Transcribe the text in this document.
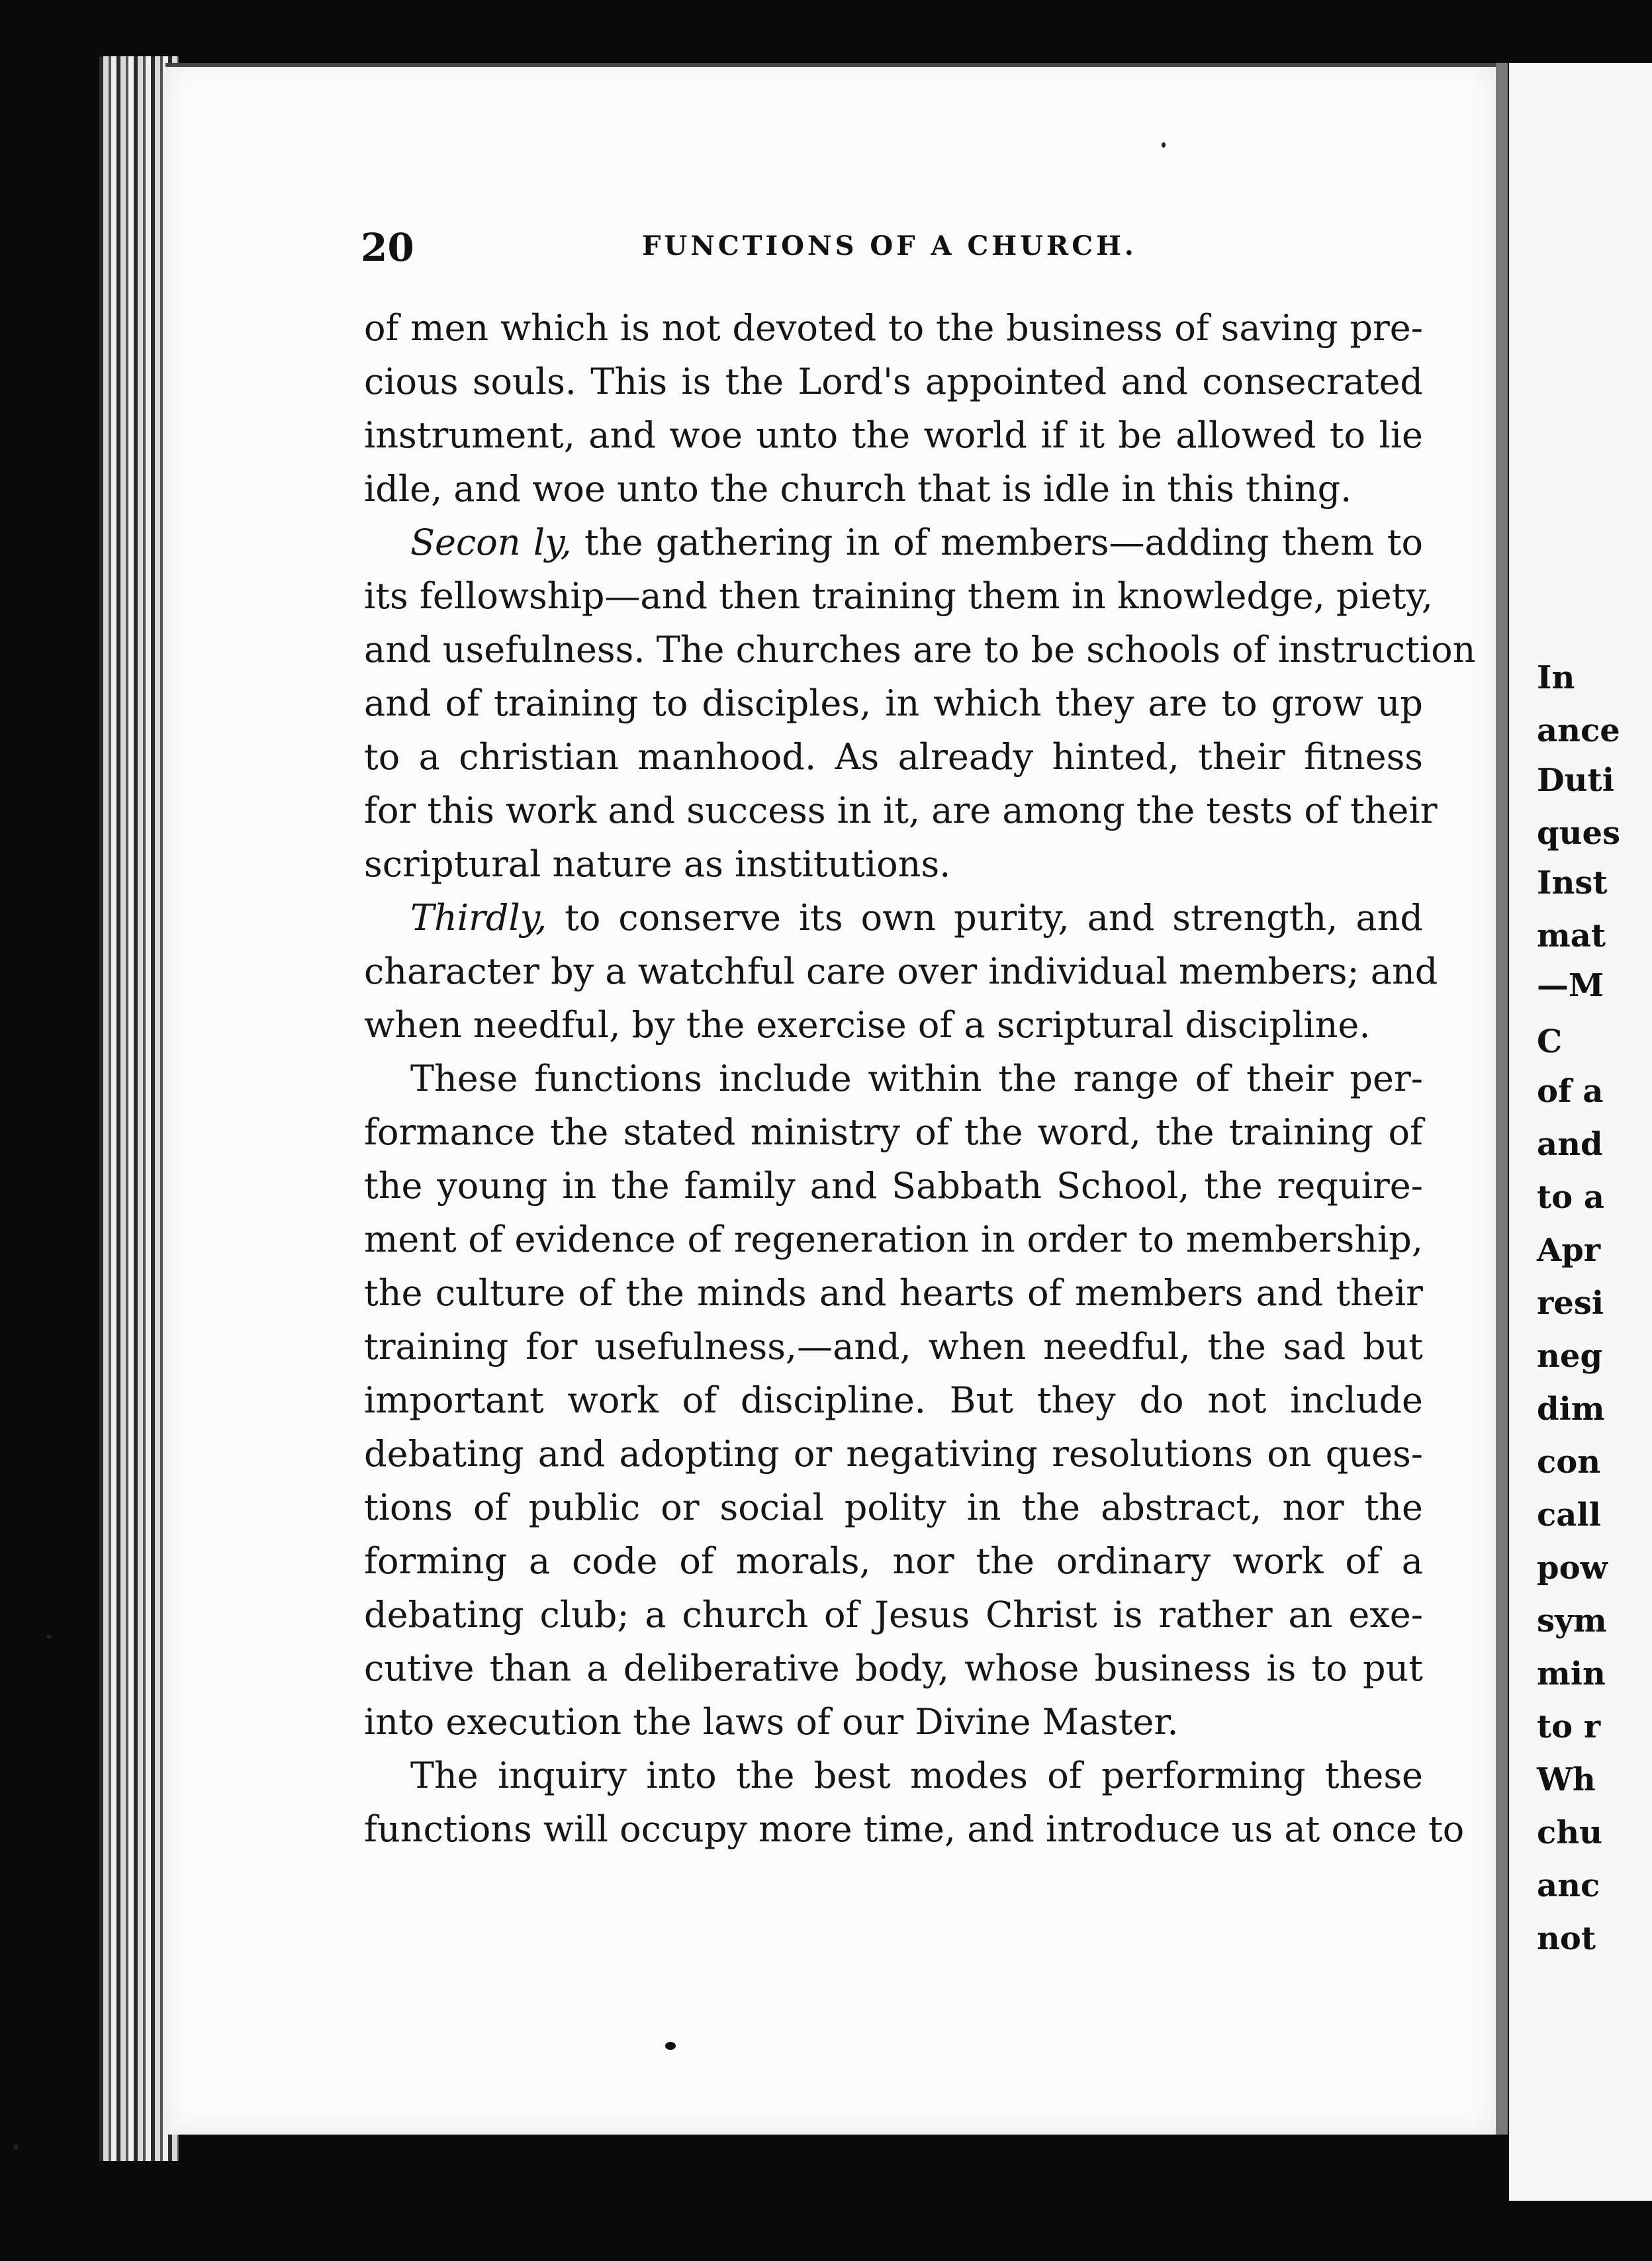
In
ance
Duti
ques
Inst
mat
—M
C
of a
and
to a
Apr
resi
neg
dim
con
call
pow
sym
min
to r
Wh
chu
anc
not
20	FUNCTIONS OF A CHURCH.
of men which is not devoted to the business of saving pre-
cious souls. This is the Lord's appointed and consecrated
instrument, and woe unto the world if it be allowed to lie
idle, and woe unto the church that is idle in this thing.
Secon ly, the gathering in of members—adding them to
its fellowship—and then training them in knowledge, piety,
and usefulness. The churches are to be schools of instruction
and of training to disciples, in which they are to grow up
to a christian manhood. As already hinted, their fitness
for this work and success in it, are among the tests of their
scriptural nature as institutions.
Thirdly, to conserve its own purity, and strength, and
character by a watchful care over individual members; and
when needful, by the exercise of a scriptural discipline.
These functions include within the range of their per-
formance the stated ministry of the word, the training of
the young in the family and Sabbath School, the require-
ment of evidence of regeneration in order to membership,
the culture of the minds and hearts of members and their
training for usefulness,—and, when needful, the sad but
important work of discipline. But they do not include
debating and adopting or negativing resolutions on ques-
tions of public or social polity in the abstract, nor the
forming a code of morals, nor the ordinary work of a
debating club; a church of Jesus Christ is rather an exe-
cutive than a deliberative body, whose business is to put
into execution the laws of our Divine Master.
The inquiry into the best modes of performing these
functions will occupy more time, and introduce us at once to
